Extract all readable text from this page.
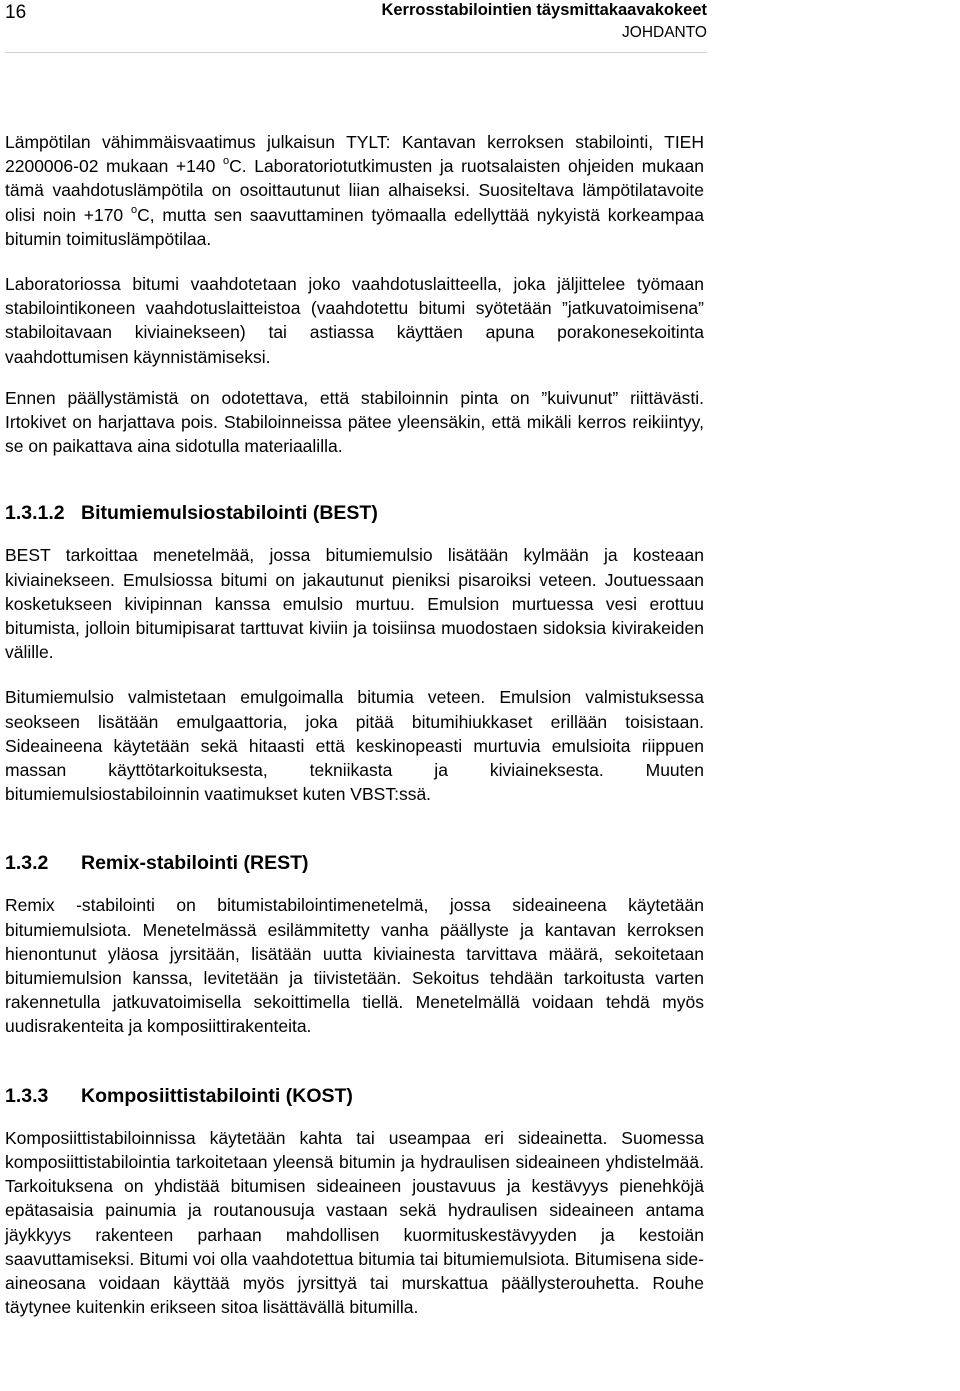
16	Kerrosstabilointien täysmittakaavakokeet
JOHDANTO

Lämpötilan vähimmäisvaatimus julkaisun TYLT: Kantavan kerroksen stabilointi, TIEH 2200006-02 mukaan +140 $^o$C. Laboratoriotutkimusten ja ruotsalaisten ohjeiden mukaan tämä vaahdotuslämpötila on osoittautunut liian alhaiseksi. Suositeltava lämpötilatavoite olisi noin +170 $^o$C, mutta sen saavuttaminen työmaalla edellyttää nykyistä korkeampaa bitumin toimituslämpötilaa.

Laboratoriossa bitumi vaahdotetaan joko vaahdotuslaitteella, joka jäljittelee työmaan stabilointikoneen vaahdotuslaitteistoa (vaahdotettu bitumi syötetään ”jatkuvatoimisena” stabiloitavaan kiviainekseen) tai astiassa käyttäen apuna porakonesekoitinta vaahdottumisen käynnistämiseksi.

Ennen päällystämistä on odotettava, että stabiloinnin pinta on ”kuivunut” riittävästi. Irtokivet on harjattava pois. Stabiloinneissa pätee yleensäkin, että mikäli kerros reikiintyy, se on paikattava aina sidotulla materiaalilla.

1.3.1.2 Bitumiemulsiostabilointi (BEST)

BEST tarkoittaa menetelmää, jossa bitumiemulsio lisätään kylmään ja kosteaan kiviainekseen. Emulsiossa bitumi on jakautunut pieniksi pisaroiksi veteen. Joutuessaan kosketukseen kivipinnan kanssa emulsio murtuu. Emulsion murtuessa vesi erottuu bitumista, jolloin bitumipisarat tarttuvat kiviin ja toisiinsa muodostaen sidoksia kivirakeiden välille.

Bitumiemulsio valmistetaan emulgoimalla bitumia veteen. Emulsion valmistuksessa seokseen lisätään emulgaattoria, joka pitää bitumihiukkaset erillään toisistaan. Sideaineena käytetään sekä hitaasti että keskinopeasti murtuvia emulsioita riippuen massan käyttötarkoituksesta, tekniikasta ja kiviaineksesta. Muuten bitumiemulsiostabiloinnin vaatimukset kuten VBST:ssä.

1.3.2 Remix-stabilointi (REST)

Remix -stabilointi on bitumistabilointimenetelmä, jossa sideaineena käytetään bitumiemulsiota. Menetelmässä esilämmitetty vanha päällyste ja kantavan kerroksen hienontunut yläosa jyrsitään, lisätään uutta kiviainesta tarvittava määrä, sekoitetaan bitumiemulsion kanssa, levitetään ja tiivistetään. Sekoitus tehdään tarkoitusta varten rakennetulla jatkuvatoimisella sekoittimella tiellä. Menetelmällä voidaan tehdä myös uudisrakenteita ja komposiittirakenteita.

1.3.3 Komposiittistabilointi (KOST)

Komposiittistabiloinnissa käytetään kahta tai useampaa eri sideainetta. Suomessa komposiittistabilointia tarkoitetaan yleensä bitumin ja hydraulisen sideaineen yhdistelmää. Tarkoituksena on yhdistää bitumisen sideaineen joustavuus ja kestävyys pienehköjä epätasaisia painumia ja routanousuja vastaan sekä hydraulisen sideaineen antama jäykkyys rakenteen parhaan mahdollisen kuormituskestävyyden ja kestoiän saavuttamiseksi. Bitumi voi olla vaahdotettua bitumia tai bitumiemulsiota. Bitumisena sideaineosana voidaan käyttää myös jyrsittyä tai murskattua päällysterouhetta. Rouhe täytynee kuitenkin erikseen sitoa lisättävällä bitumilla.
